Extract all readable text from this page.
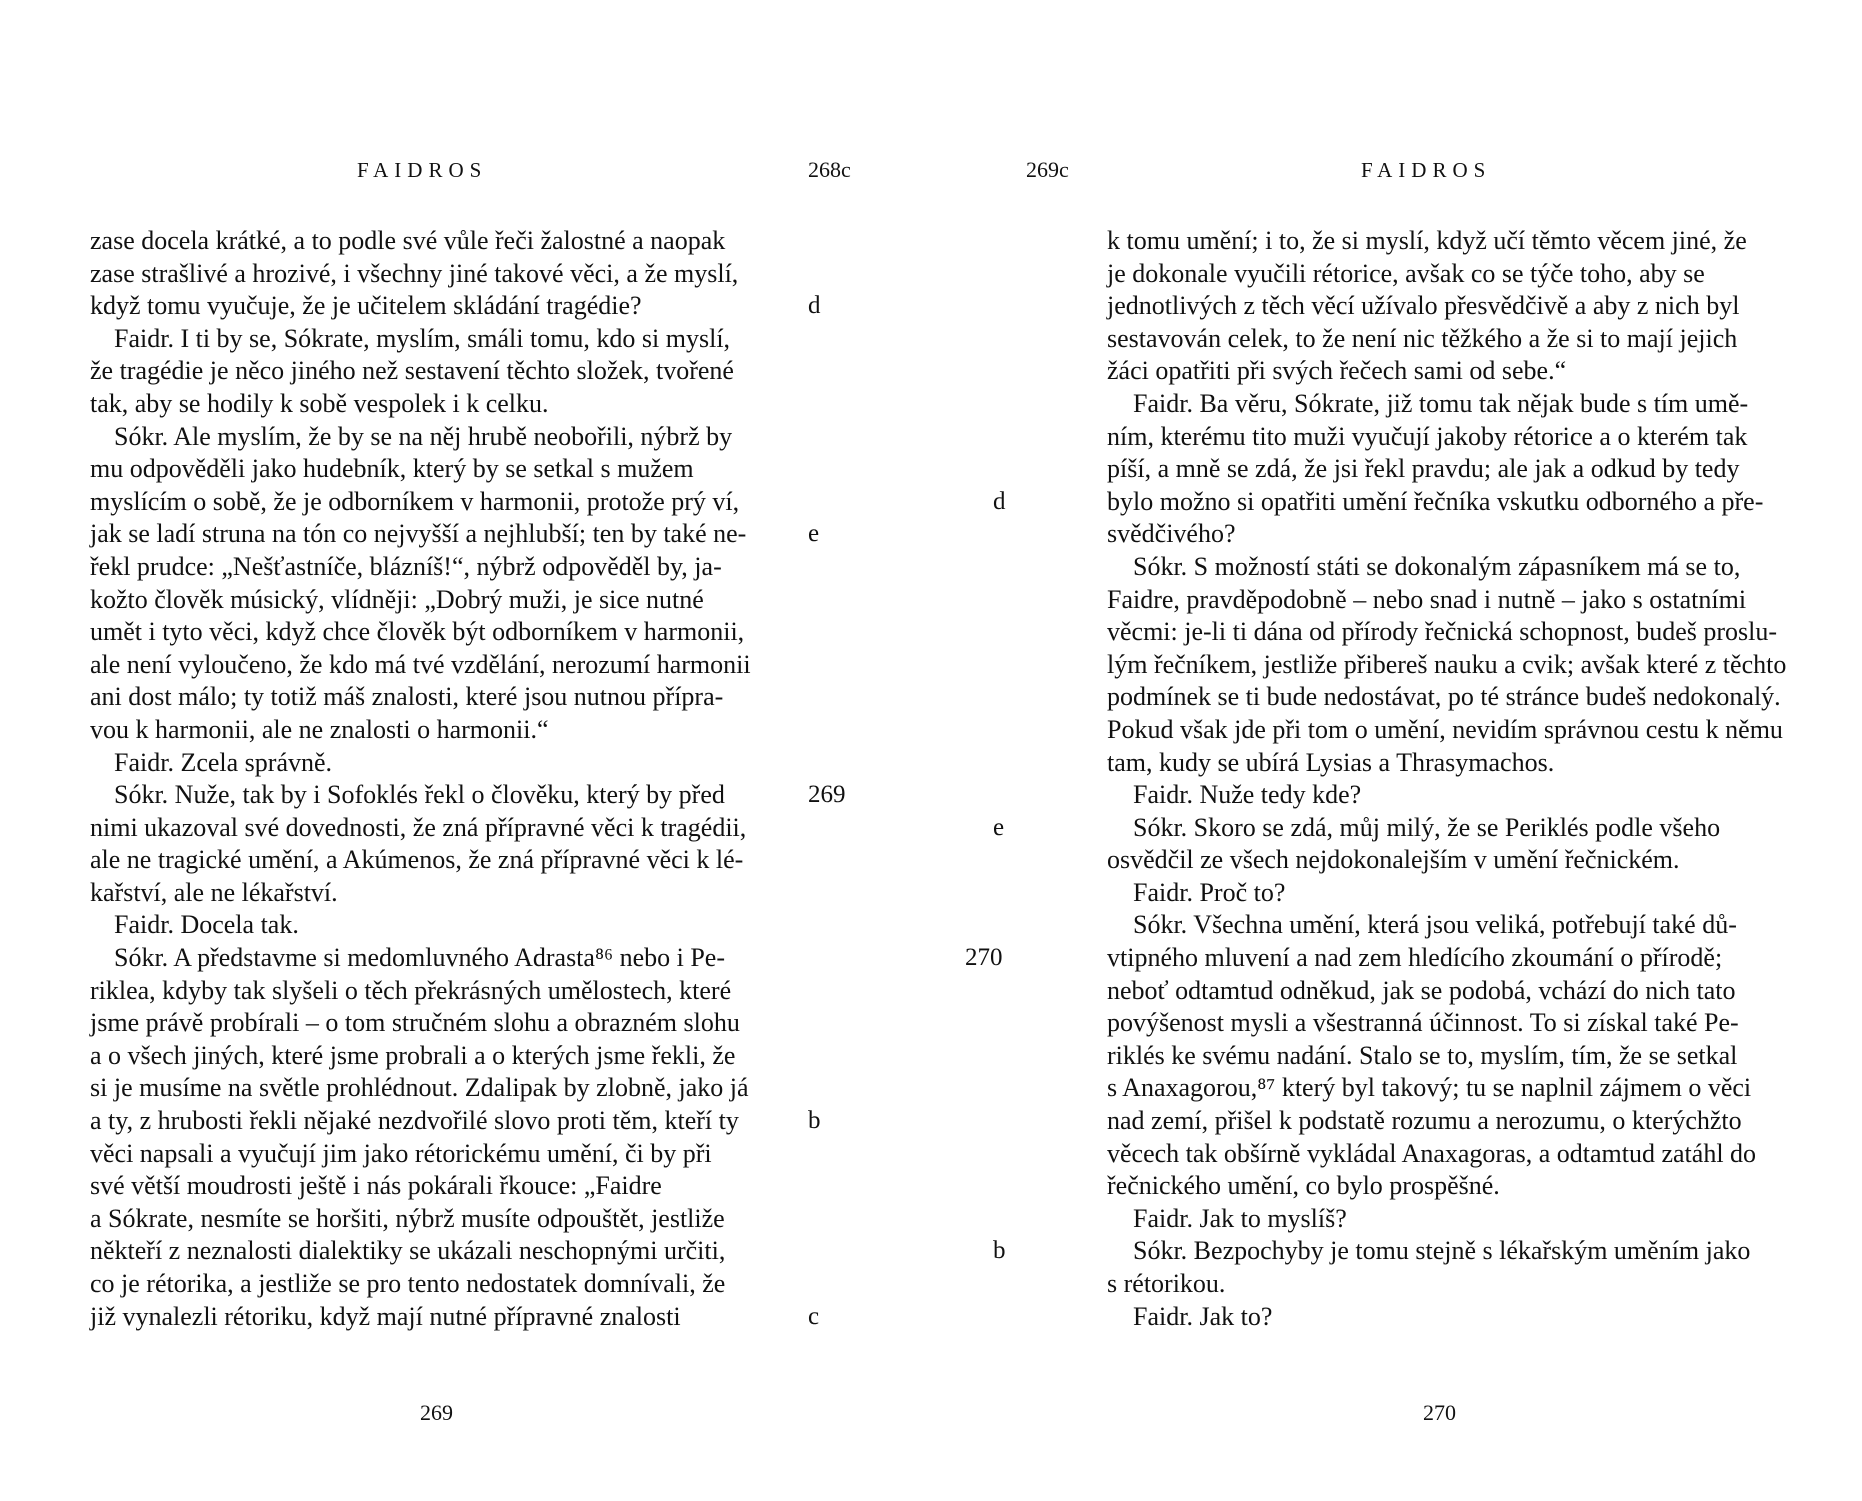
FAIDROS	268c
zase docela krátké, a to podle své vůle řeči žalostné a naopak
zase strašlivé a hrozivé, i všechny jiné takové věci, a že myslí,
když tomu vyučuje, že je učitelem skládání tragédie?	d
Faidr. I ti by se, Sókrate, myslím, smáli tomu, kdo si myslí,
že tragédie je něco jiného než sestavení těchto složek, tvořené
tak, aby se hodily k sobě vespolek i k celku.
Sókr. Ale myslím, že by se na něj hrubě neobořili, nýbrž by
mu odpověděli jako hudebník, který by se setkal s mužem
myslícím o sobě, že je odborníkem v harmonii, protože prý ví,
jak se ladí struna na tón co nejvyšší a nejhlubší; ten by také ne- e
řekl prudce: „Nešťastníče, blázníš!“, nýbrž odpověděl by, ja-
kožto člověk músický, vlídněji: „Dobrý muži, je sice nutné
umět i tyto věci, když chce člověk být odborníkem v harmonii,
ale není vyloučeno, že kdo má tvé vzdělání, nerozumí harmonii
ani dost málo; ty totiž máš znalosti, které jsou nutnou přípra-
vou k harmonii, ale ne znalosti o harmonii.“
Faidr. Zcela správně.
Sókr. Nuže, tak by i Sofoklés řekl o člověku, který by před	269
nimi ukazoval své dovednosti, že zná přípravné věci k tragédii,
ale ne tragické umění, a Akúmenos, že zná přípravné věci k lé-
kařství, ale ne lékařství.
Faidr. Docela tak.
Sókr. A představme si medomluvného Adrasta⁸⁶ nebo i Pe-
riklea, kdyby tak slyšeli o těch překrásných umělostech, které
jsme právě probírali – o tom stručném slohu a obrazném slohu
a o všech jiných, které jsme probrali a o kterých jsme řekli, že
si je musíme na světle prohlédnout. Zdalipak by zlobně, jako já
a ty, z hrubosti řekli nějaké nezdvořilé slovo proti těm, kteří ty	b
věci napsali a vyučují jim jako rétorickému umění, či by při
své větší moudrosti ještě i nás pokárali řkouce: „Faidre
a Sókrate, nesmíte se horšiti, nýbrž musíte odpouštět, jestliže
někteří z neznalosti dialektiky se ukázali neschopnými určiti,
co je rétorika, a jestliže se pro tento nedostatek domnívali, že
již vynalezli rétoriku, když mají nutné přípravné znalosti	c
269
269c	FAIDROS
k tomu umění; i to, že si myslí, když učí těmto věcem jiné, že
je dokonale vyučili rétorice, avšak co se týče toho, aby se
jednotlivých z těch věcí užívalo přesvědčivě a aby z nich byl
sestavován celek, to že není nic těžkého a že si to mají jejich
žáci opatřiti při svých řečech sami od sebe.“
Faidr. Ba věru, Sókrate, již tomu tak nějak bude s tím umě-
ním, kterému tito muži vyučují jakoby rétorice a o kterém tak
píší, a mně se zdá, že jsi řekl pravdu; ale jak a odkud by tedy
bylo možno si opatřiti umění řečníka vskutku odborného a pře-
d
svědčivého?
Sókr. S možností státi se dokonalým zápasníkem má se to,
Faidre, pravděpodobně – nebo snad i nutně – jako s ostatními
věcmi: je-li ti dána od přírody řečnická schopnost, budeš proslu-
lým řečníkem, jestliže přibereš nauku a cvik; avšak které z těchto
podmínek se ti bude nedostávat, po té stránce budeš nedokonalý.
Pokud však jde při tom o umění, nevidím správnou cestu k němu
tam, kudy se ubírá Lysias a Thrasymachos.
Faidr. Nuže tedy kde?
Sókr. Skoro se zdá, můj milý, že se Periklés podle všeho
e
osvědčil ze všech nejdokonalejším v umění řečnickém.
Faidr. Proč to?
Sókr. Všechna umění, která jsou veliká, potřebují také dů-
vtipného mluvení a nad zem hledícího zkoumání o přírodě;
270
neboť odtamtud odněkud, jak se podobá, vchází do nich tato
povýšenost mysli a všestranná účinnost. To si získal také Pe-
riklés ke svému nadání. Stalo se to, myslím, tím, že se setkal
s Anaxagorou,⁸⁷ který byl takový; tu se naplnil zájmem o věci
nad zemí, přišel k podstatě rozumu a nerozumu, o kterýchžto
věcech tak obšírně vykládal Anaxagoras, a odtamtud zatáhl do
řečnického umění, co bylo prospěšné.
Faidr. Jak to myslíš?
Sókr. Bezpochyby je tomu stejně s lékařským uměním jako
b
s rétorikou.
Faidr. Jak to?
270
